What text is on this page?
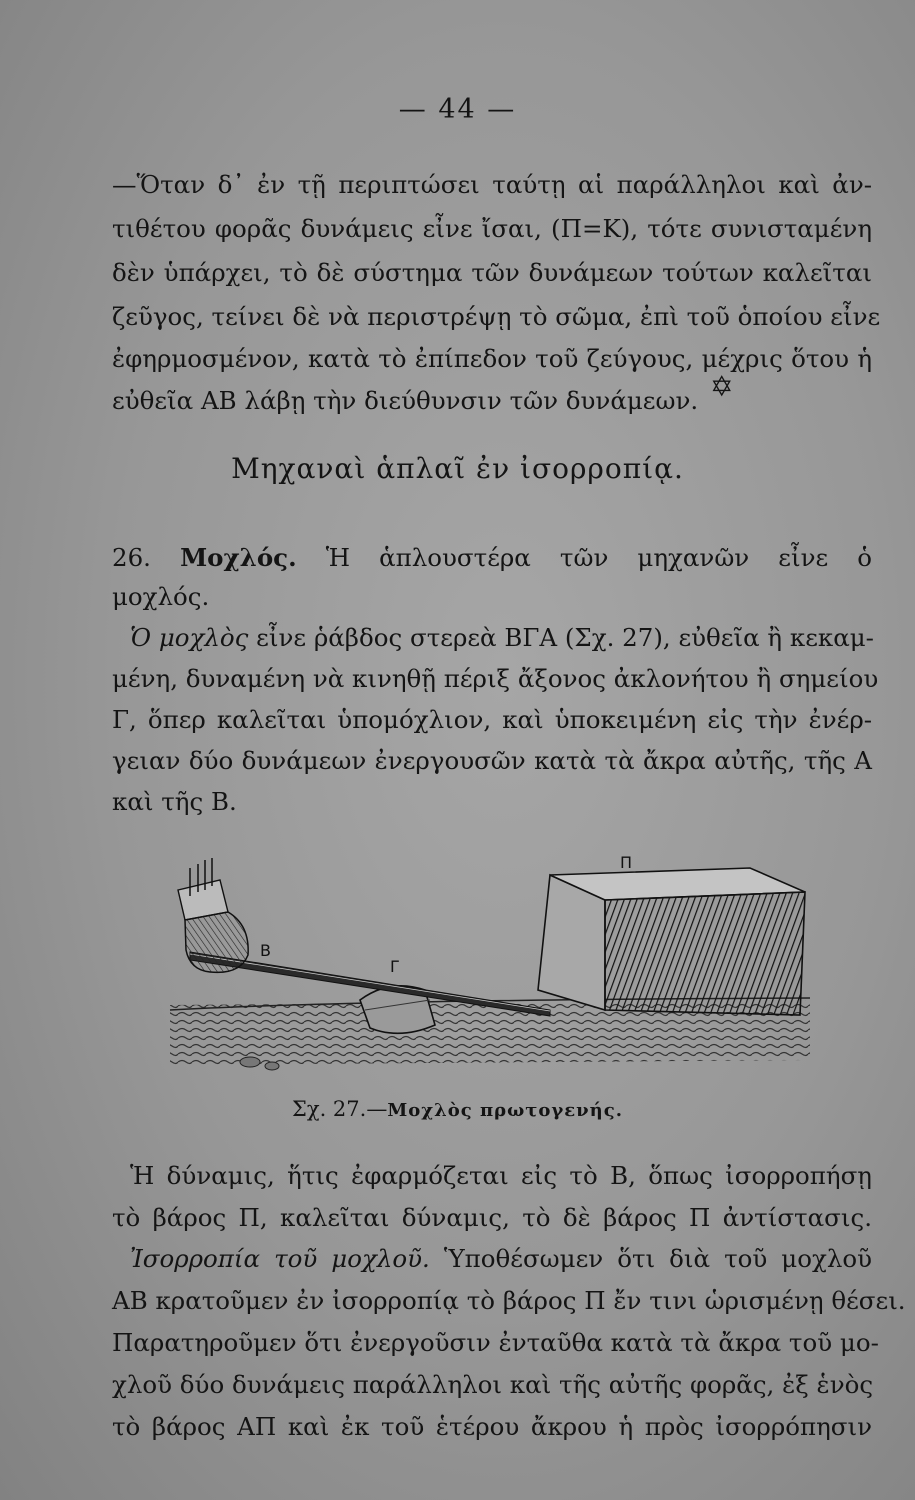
— 44 —
—Ὅταν δ᾿ ἐν τῇ περιπτώσει ταύτῃ αἱ παράλληλοι καὶ ἀν-
τιθέτου φορᾶς δυνάμεις εἶνε ἴσαι, (Π=Κ), τότε συνισταμένη
δὲν ὑπάρχει, τὸ δὲ σύστημα τῶν δυνάμεων τούτων καλεῖται
ζεῦγος, τείνει δὲ νὰ περιστρέψῃ τὸ σῶμα, ἐπὶ τοῦ ὁποίου εἶνε
ἐφηρμοσμένον, κατὰ τὸ ἐπίπεδον τοῦ ζεύγους, μέχρις ὅτου ἡ
εὐθεῖα ΑΒ λάβῃ τὴν διεύθυνσιν τῶν δυνάμεων. ✡
Μηχαναὶ ἁπλαῖ ἐν ἰσορροπίᾳ.
26. Μοχλός. Ἡ ἁπλουστέρα τῶν μηχανῶν εἶνε ὁ
μοχλός.
Ὁ μοχλὸς εἶνε ῥάβδος στερεὰ ΒΓΑ (Σχ. 27), εὐθεῖα ἢ κεκαμ-
μένη, δυναμένη νὰ κινηθῇ πέριξ ἄξονος ἀκλονήτου ἢ σημείου
Γ, ὅπερ καλεῖται ὑπομόχλιον, καὶ ὑποκειμένη εἰς τὴν ἐνέρ-
γειαν δύο δυνάμεων ἐνεργουσῶν κατὰ τὰ ἄκρα αὐτῆς, τῆς Α
καὶ τῆς Β.
Π
Β
Γ
Σχ. 27.—Μοχλὸς πρωτογενής.
Ἡ δύναμις, ἥτις ἐφαρμόζεται εἰς τὸ Β, ὅπως ἰσορροπήσῃ
τὸ βάρος Π, καλεῖται δύναμις, τὸ δὲ βάρος Π ἀντίστασις.
Ἰσορροπία τοῦ μοχλοῦ. Ὑποθέσωμεν ὅτι διὰ τοῦ μοχλοῦ
ΑΒ κρατοῦμεν ἐν ἰσορροπίᾳ τὸ βάρος Π ἔν τινι ὡρισμένῃ θέσει.
Παρατηροῦμεν ὅτι ἐνεργοῦσιν ἐνταῦθα κατὰ τὰ ἄκρα τοῦ μο-
χλοῦ δύο δυνάμεις παράλληλοι καὶ τῆς αὐτῆς φορᾶς, ἐξ ἑνὸς
τὸ βάρος ΑΠ καὶ ἐκ τοῦ ἑτέρου ἄκρου ἡ πρὸς ἰσορρόπησιν
